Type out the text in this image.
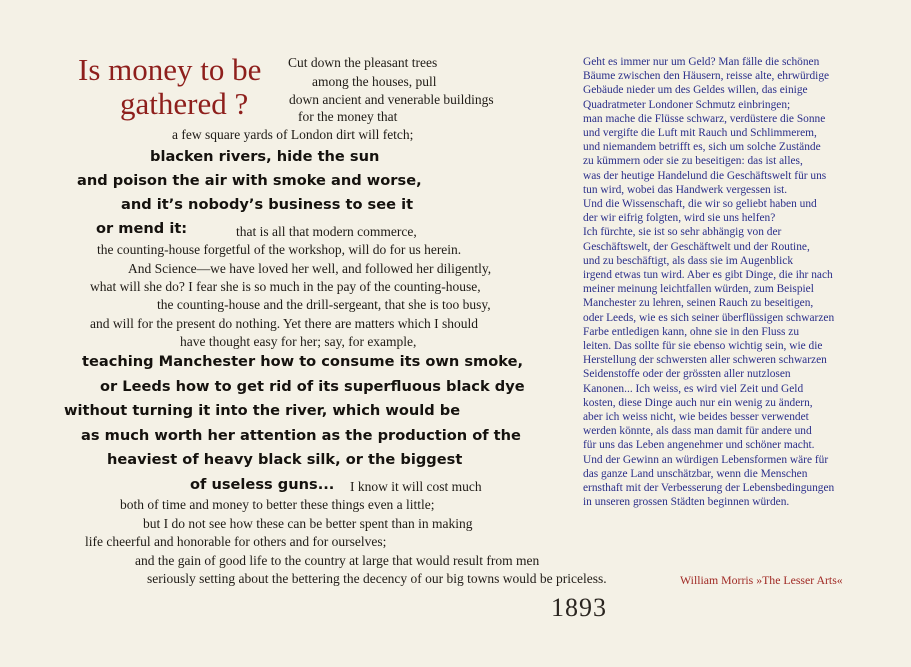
Is money to be
gathered ?
Cut down the pleasant trees
among the houses, pull
down ancient and venerable buildings
for the money that
a few square yards of London dirt will fetch;
blacken rivers, hide the sun
and poison the air with smoke and worse,
and it’s nobody’s business to see it
or mend it:	that is all that modern commerce,
the counting-house forgetful of the workshop, will do for us herein.
And Science—we have loved her well, and followed her diligently,
what will she do? I fear she is so much in the pay of the counting-house,
the counting-house and the drill-sergeant, that she is too busy,
and will for the present do nothing. Yet there are matters which I should
have thought easy for her; say, for example,
teaching Manchester how to consume its own smoke,
or Leeds how to get rid of its superfluous black dye
without turning it into the river, which would be
as much worth her attention as the production of the
heaviest of heavy black silk, or the biggest
of useless guns... I know it will cost much
both of time and money to better these things even a little;
but I do not see how these can be better spent than in making
life cheerful and honorable for others and for ourselves;
and the gain of good life to the country at large that would result from men
seriously setting about the bettering the decency of our big towns would be priceless.
Geht es immer nur um Geld? Man fälle die schönen
Bäume zwischen den Häusern, reisse alte, ehrwürdige
Gebäude nieder um des Geldes willen, das einige
Quadratmeter Londoner Schmutz einbringen;
man mache die Flüsse schwarz, verdüstere die Sonne
und vergifte die Luft mit Rauch und Schlimmerem,
und niemandem betrifft es, sich um solche Zustände
zu kümmern oder sie zu beseitigen: das ist alles,
was der heutige Handelund die Geschäftswelt für uns
tun wird, wobei das Handwerk vergessen ist.
Und die Wissenschaft, die wir so geliebt haben und
der wir eifrig folgten, wird sie uns helfen?
Ich fürchte, sie ist so sehr abhängig von der
Geschäftswelt, der Geschäftwelt und der Routine,
und zu beschäftigt, als dass sie im Augenblick
irgend etwas tun wird. Aber es gibt Dinge, die ihr nach
meiner meinung leichtfallen würden, zum Beispiel
Manchester zu lehren, seinen Rauch zu beseitigen,
oder Leeds, wie es sich seiner überflüssigen schwarzen
Farbe entledigen kann, ohne sie in den Fluss zu
leiten. Das sollte für sie ebenso wichtig sein, wie die
Herstellung der schwersten aller schweren schwarzen
Seidenstoffe oder der grössten aller nutzlosen
Kanonen... Ich weiss, es wird viel Zeit und Geld
kosten, diese Dinge auch nur ein wenig zu ändern,
aber ich weiss nicht, wie beides besser verwendet
werden könnte, als dass man damit für andere und
für uns das Leben angenehmer und schöner macht.
Und der Gewinn an würdigen Lebensformen wäre für
das ganze Land unschätzbar, wenn die Menschen
ernsthaft mit der Verbesserung der Lebensbedingungen
in unseren grossen Städten beginnen würden.
William Morris »The Lesser Arts«
1893
